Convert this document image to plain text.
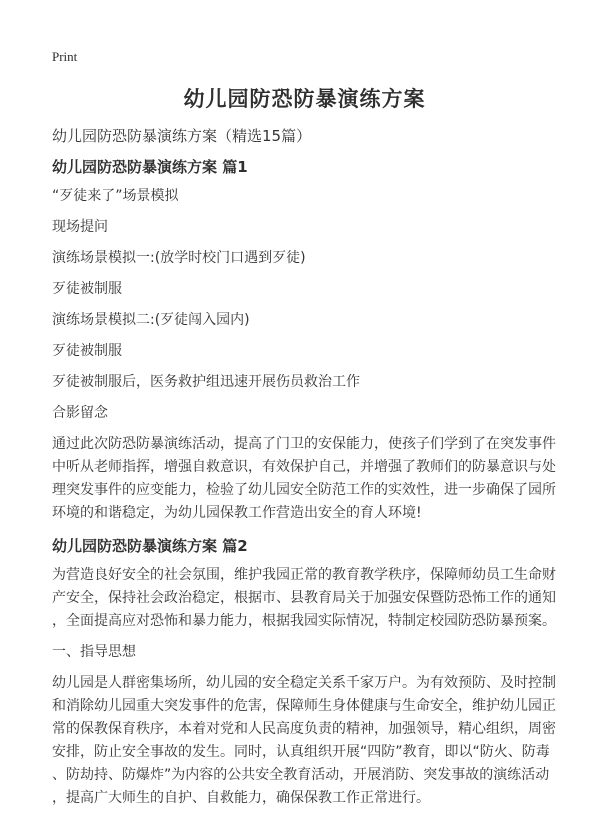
Print
幼儿园防恐防暴演练方案

幼儿园防恐防暴演练方案（精选15篇）

幼儿园防恐防暴演练方案 篇1

“歹徒来了”场景模拟

现场提问

演练场景模拟一:(放学时校门口遇到歹徒)

歹徒被制服

演练场景模拟二:(歹徒闯入园内)

歹徒被制服

歹徒被制服后，医务救护组迅速开展伤员救治工作

合影留念

通过此次防恐防暴演练活动，提高了门卫的安保能力，使孩子们学到了在突发事件中听从老师指挥，增强自救意识，有效保护自己，并增强了教师们的防暴意识与处理突发事件的应变能力，检验了幼儿园安全防范工作的实效性，进一步确保了园所环境的和谐稳定，为幼儿园保教工作营造出安全的育人环境!

幼儿园防恐防暴演练方案 篇2

为营造良好安全的社会氛围，维护我园正常的教育教学秩序，保障师幼员工生命财产安全，保持社会政治稳定，根据市、县教育局关于加强安保暨防恐怖工作的通知，全面提高应对恐怖和暴力能力，根据我园实际情况，特制定校园防恐防暴预案。

一、指导思想

幼儿园是人群密集场所，幼儿园的安全稳定关系千家万户。为有效预防、及时控制和消除幼儿园重大突发事件的危害，保障师生身体健康与生命安全，维护幼儿园正常的保教保育秩序，本着对党和人民高度负责的精神，加强领导，精心组织，周密安排，防止安全事故的发生。同时，认真组织开展“四防”教育，即以“防火、防毒、防劫持、防爆炸”为内容的公共安全教育活动，开展消防、突发事故的演练活动，提高广大师生的自护、自救能力，确保保教工作正常进行。
